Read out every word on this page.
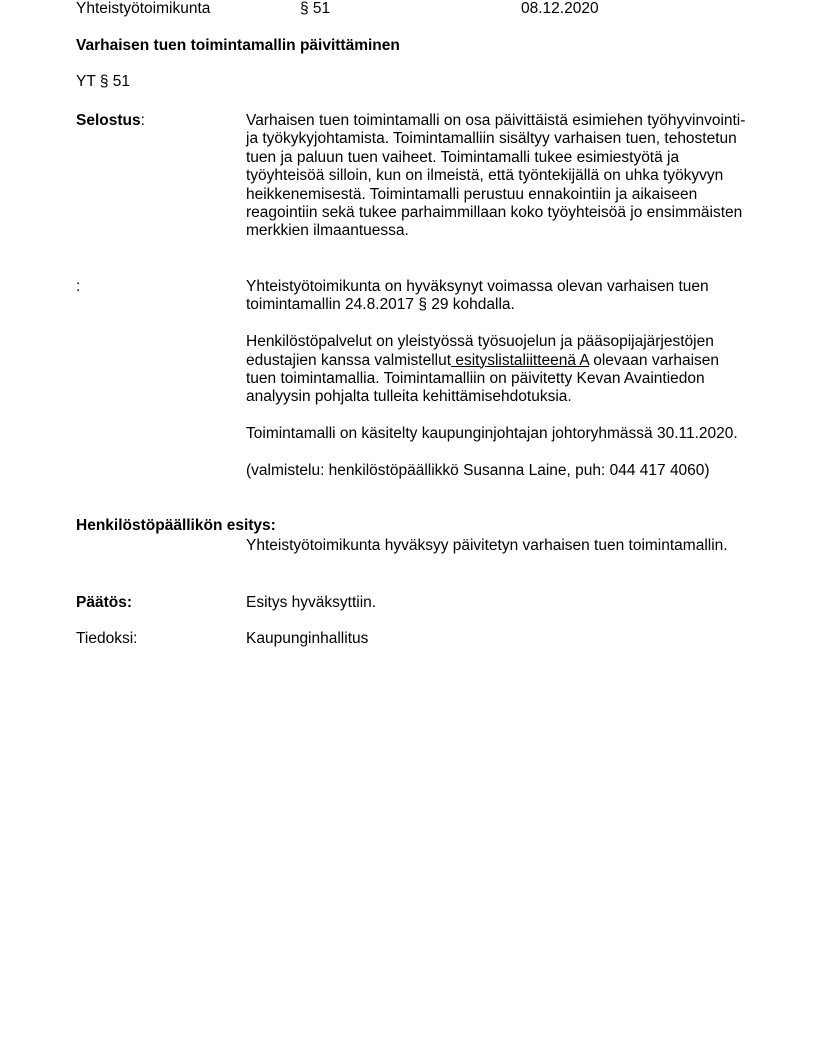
Yhteistyötoimikunta	§ 51	08.12.2020
Varhaisen tuen toimintamallin päivittäminen
YT § 51
Selostus:	Varhaisen tuen toimintamalli on osa päivittäistä esimiehen työhyvinvointi- ja työkykyjohtamista. Toimintamalliin sisältyy varhaisen tuen, tehostetun tuen ja paluun tuen vaiheet. Toimintamalli tukee esimiestyötä ja työyhteisöä silloin, kun on ilmeistä, että työntekijällä on uhka työkyvyn heikkenemisestä. Toimintamalli perustuu ennakointiin ja aikaiseen reagointiin sekä tukee parhaimmillaan koko työyhteisöä jo ensimmäisten merkkien ilmaantuessa.

:	Yhteistyötoimikunta on hyväksynyt voimassa olevan varhaisen tuen toimintamallin 24.8.2017 § 29 kohdalla.

Henkilöstöpalvelut on yleistyössä työsuojelun ja pääsopijajärjestöjen edustajien kanssa valmistellut esityslistaliitteenä A olevaan varhaisen tuen toimintamallia. Toimintamalliin on päivitetty Kevan Avaintiedon analyysin pohjalta tulleita kehittämisehdotuksia.

Toimintamalli on käsitelty kaupunginjohtajan johtoryhmässä 30.11.2020.

(valmistelu: henkilöstöpäällikkö Susanna Laine, puh: 044 417 4060)

Henkilöstöpäällikön esitys:
Yhteistyötoimikunta hyväksyy päivitetyn varhaisen tuen toimintamallin.
Päätös:	Esitys hyväksyttiin.
Tiedoksi:	Kaupunginhallitus
